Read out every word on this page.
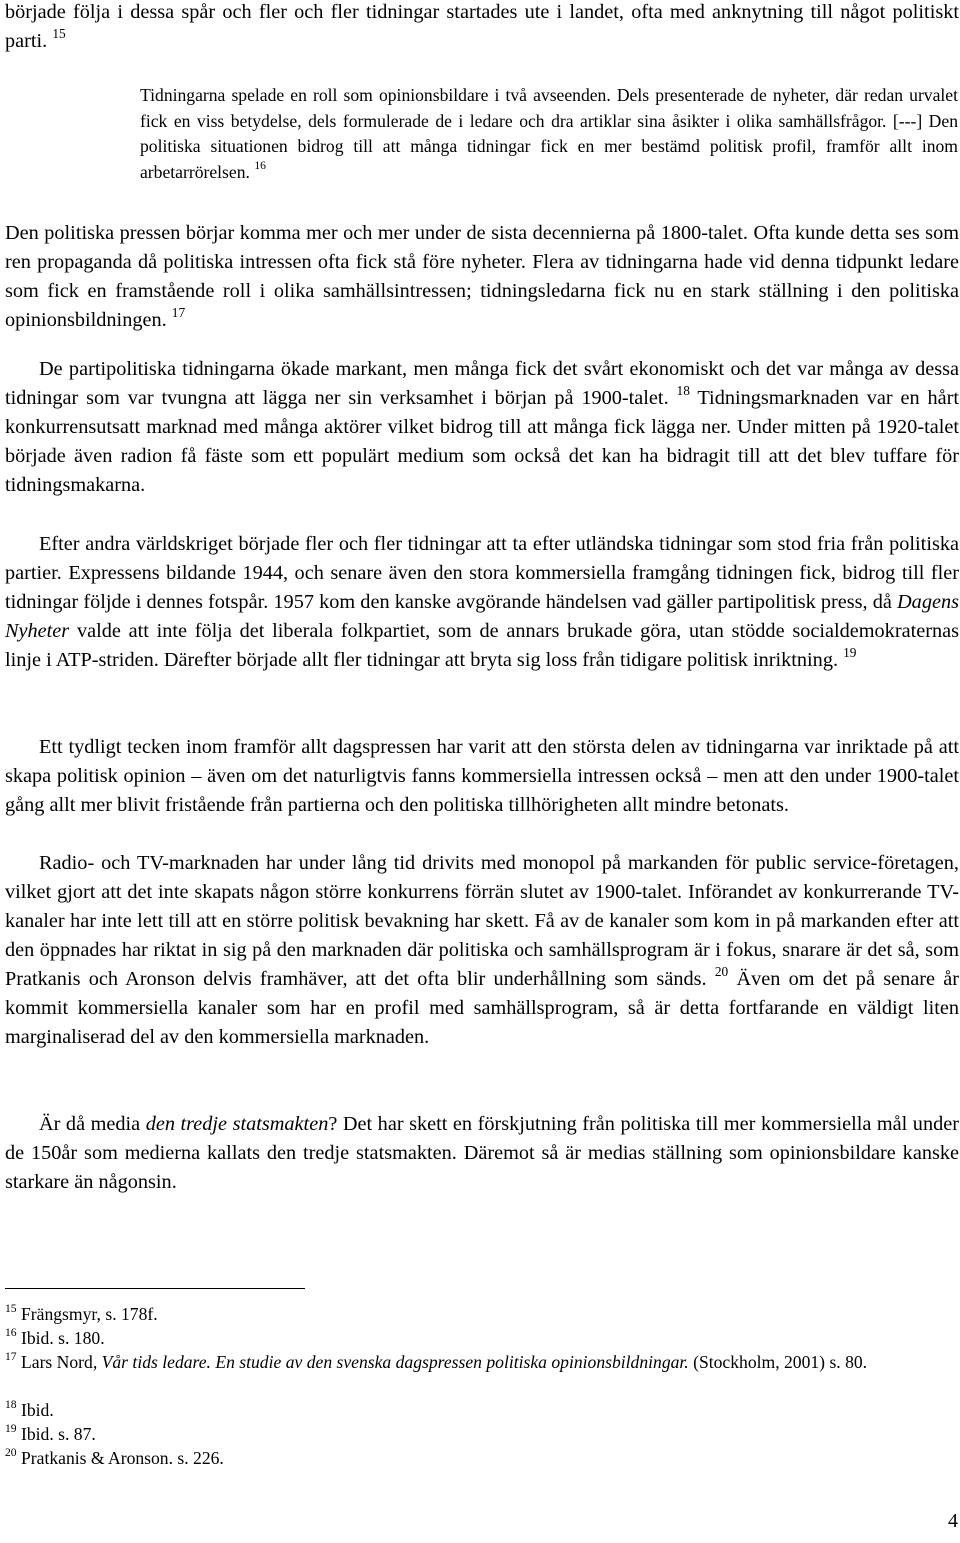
började följa i dessa spår och fler och fler tidningar startades ute i landet, ofta med anknytning till något politiskt parti. $^{15}$

Tidningarna spelade en roll som opinionsbildare i två avseenden. Dels presenterade de nyheter, där redan urvalet fick en viss betydelse, dels formulerade de i ledare och dra artiklar sina åsikter i olika samhällsfrågor. [---] Den politiska situationen bidrog till att många tidningar fick en mer bestämd politisk profil, framför allt inom arbetarrörelsen. $^{16}$

Den politiska pressen börjar komma mer och mer under de sista decennierna på 1800-talet. Ofta kunde detta ses som ren propaganda då politiska intressen ofta fick stå före nyheter. Flera av tidningarna hade vid denna tidpunkt ledare som fick en framstående roll i olika samhällsintressen; tidningsledarna fick nu en stark ställning i den politiska opinionsbildningen. $^{17}$

De partipolitiska tidningarna ökade markant, men många fick det svårt ekonomiskt och det var många av dessa tidningar som var tvungna att lägga ner sin verksamhet i början på 1900-talet. $^{18}$ Tidningsmarknaden var en hårt konkurrensutsatt marknad med många aktörer vilket bidrog till att många fick lägga ner. Under mitten på 1920-talet började även radion få fäste som ett populärt medium som också det kan ha bidragit till att det blev tuffare för tidningsmakarna.

Efter andra världskriget började fler och fler tidningar att ta efter utländska tidningar som stod fria från politiska partier. Expressens bildande 1944, och senare även den stora kommersiella framgång tidningen fick, bidrog till fler tidningar följde i dennes fotspår. 1957 kom den kanske avgörande händelsen vad gäller partipolitisk press, då Dagens Nyheter valde att inte följa det liberala folkpartiet, som de annars brukade göra, utan stödde socialdemokraternas linje i ATP-striden. Därefter började allt fler tidningar att bryta sig loss från tidigare politisk inriktning. $^{19}$

Ett tydligt tecken inom framför allt dagspressen har varit att den största delen av tidningarna var inriktade på att skapa politisk opinion – även om det naturligtvis fanns kommersiella intressen också – men att den under 1900-talet gång allt mer blivit fristående från partierna och den politiska tillhörigheten allt mindre betonats.

Radio- och TV-marknaden har under lång tid drivits med monopol på markanden för public service-företagen, vilket gjort att det inte skapats någon större konkurrens förrän slutet av 1900-talet. Införandet av konkurrerande TV-kanaler har inte lett till att en större politisk bevakning har skett. Få av de kanaler som kom in på markanden efter att den öppnades har riktat in sig på den marknaden där politiska och samhällsprogram är i fokus, snarare är det så, som Pratkanis och Aronson delvis framhäver, att det ofta blir underhållning som sänds. $^{20}$ Även om det på senare år kommit kommersiella kanaler som har en profil med samhällsprogram, så är detta fortfarande en väldigt liten marginaliserad del av den kommersiella marknaden.

Är då media den tredje statsmakten? Det har skett en förskjutning från politiska till mer kommersiella mål under de 150år som medierna kallats den tredje statsmakten. Däremot så är medias ställning som opinionsbildare kanske starkare än någonsin.

$^{15}$ Frängsmyr, s. 178f.

$^{16}$ Ibid. s. 180.

$^{17}$ Lars Nord, Vår tids ledare. En studie av den svenska dagspressen politiska opinionsbildningar. (Stockholm, 2001) s. 80.

$^{18}$ Ibid.

$^{19}$ Ibid. s. 87.

$^{20}$ Pratkanis & Aronson. s. 226.

4
